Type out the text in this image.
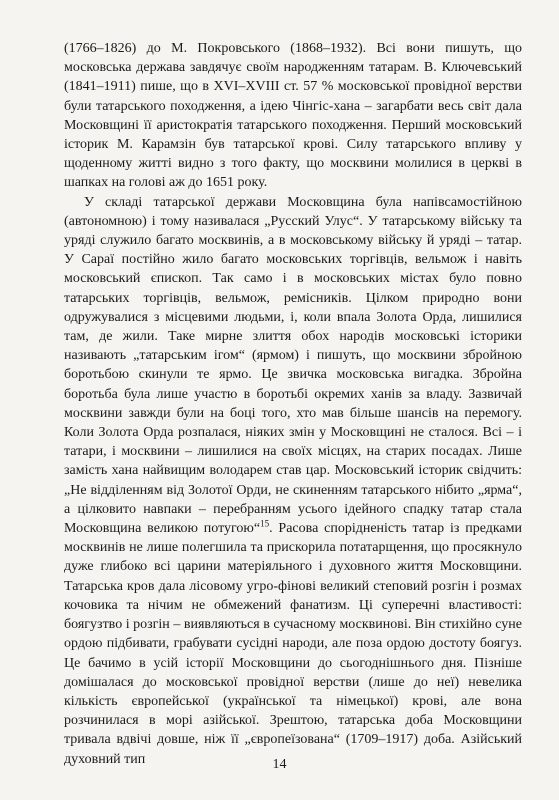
(1766–1826) до М. Покровського (1868–1932). Всі вони пишуть, що московська держава завдячує своїм народженням татарам. В. Ключевський (1841–1911) пише, що в XVI–XVIII ст. 57 % московської провідної верстви були татарського походження, а ідею Чінгіс-хана – загарбати весь світ дала Московщині її аристократія татарського походження. Перший московський історик М. Карамзін був татарської крові. Силу татарського впливу у щоденному житті видно з того факту, що москвини молилися в церкві в шапках на голові аж до 1651 року.

У складі татарської держави Московщина була напівсамостійною (автономною) і тому називалася „Русский Улус“. У татарському війську та уряді служило багато москвинів, а в московському війську й уряді – татар. У Сараї постійно жило багато московських торгівців, вельмож і навіть московський єпископ. Так само і в московських містах було повно татарських торгівців, вельмож, ремісників. Цілком природно вони одружувалися з місцевими людьми, і, коли впала Золота Орда, лишилися там, де жили. Таке мирне злиття обох народів московські історики називають „татарським ігом“ (ярмом) і пишуть, що москвини збройною боротьбою скинули те ярмо. Це звичка московська вигадка. Збройна боротьба була лише участю в боротьбі окремих ханів за владу. Зазвичай москвини завжди були на боці того, хто мав більше шансів на перемогу. Коли Золота Орда розпалася, ніяких змін у Московщині не сталося. Всі – і татари, і москвини – лишилися на своїх місцях, на старих посадах. Лише замість хана найвищим володарем став цар. Московський історик свідчить: „Не відділенням від Золотої Орди, не скиненням татарського нібито „ярма“, а цілковито навпаки – перебранням усього ідейного спадку татар стала Московщина великою потугою“$^{15}$. Расова спорідненість татар із предками москвинів не лише полегшила та прискорила потатарщення, що просякнуло дуже глибоко всі царини матеріяльного і духовного життя Московщини. Татарська кров дала лісовому угро-фінові великий степовий розгін і розмах кочовика та нічим не обмежений фанатизм. Ці суперечні властивості: боягузтво і розгін – виявляються в сучасному москвинові. Він стихійно суне ордою підбивати, грабувати сусідні народи, але поза ордою достоту боягуз. Це бачимо в усій історії Московщини до сьогоднішнього дня. Пізніше домішалася до московської провідної верстви (лише до неї) невелика кількість європейської (української та німецької) крові, але вона розчинилася в морі азійської. Зрештою, татарська доба Московщини тривала вдвічі довше, ніж її „європеїзована“ (1709–1917) доба. Азійський духовний тип	14
